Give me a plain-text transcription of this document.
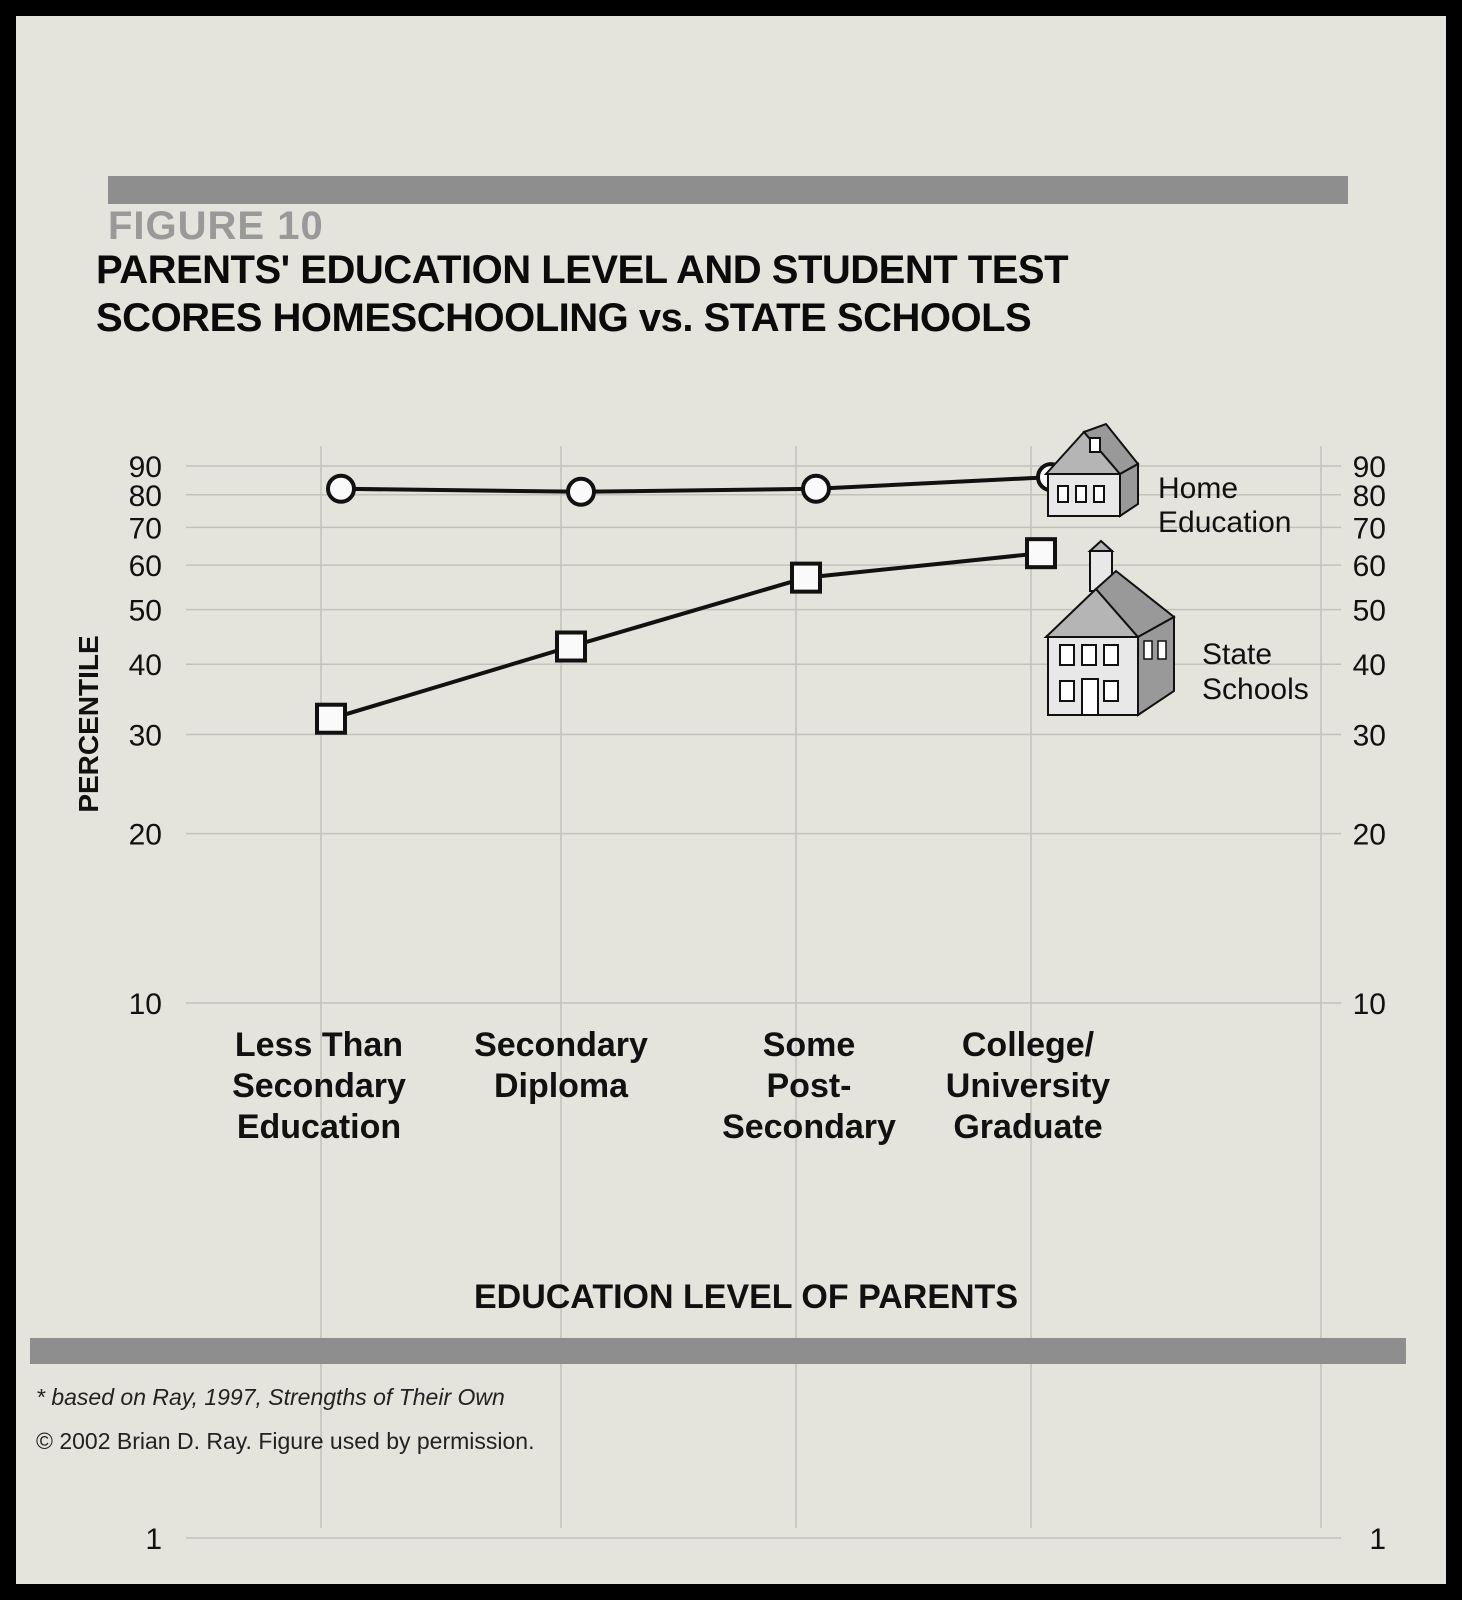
FIGURE 10
PARENTS' EDUCATION LEVEL AND STUDENT TEST
SCORES HOMESCHOOLING vs. STATE SCHOOLS
90	90
80	80
70	70
60	60
50	50
40	40
30	30
20	20
10	10
1	1
PERCENTILE
Less Than
Secondary
Education
Secondary
Diploma
Some
Post-
Secondary
College/
University
Graduate
EDUCATION LEVEL OF PARENTS
Home
Education
State
Schools
* based on Ray, 1997, Strengths of Their Own
© 2002 Brian D. Ray. Figure used by permission.
